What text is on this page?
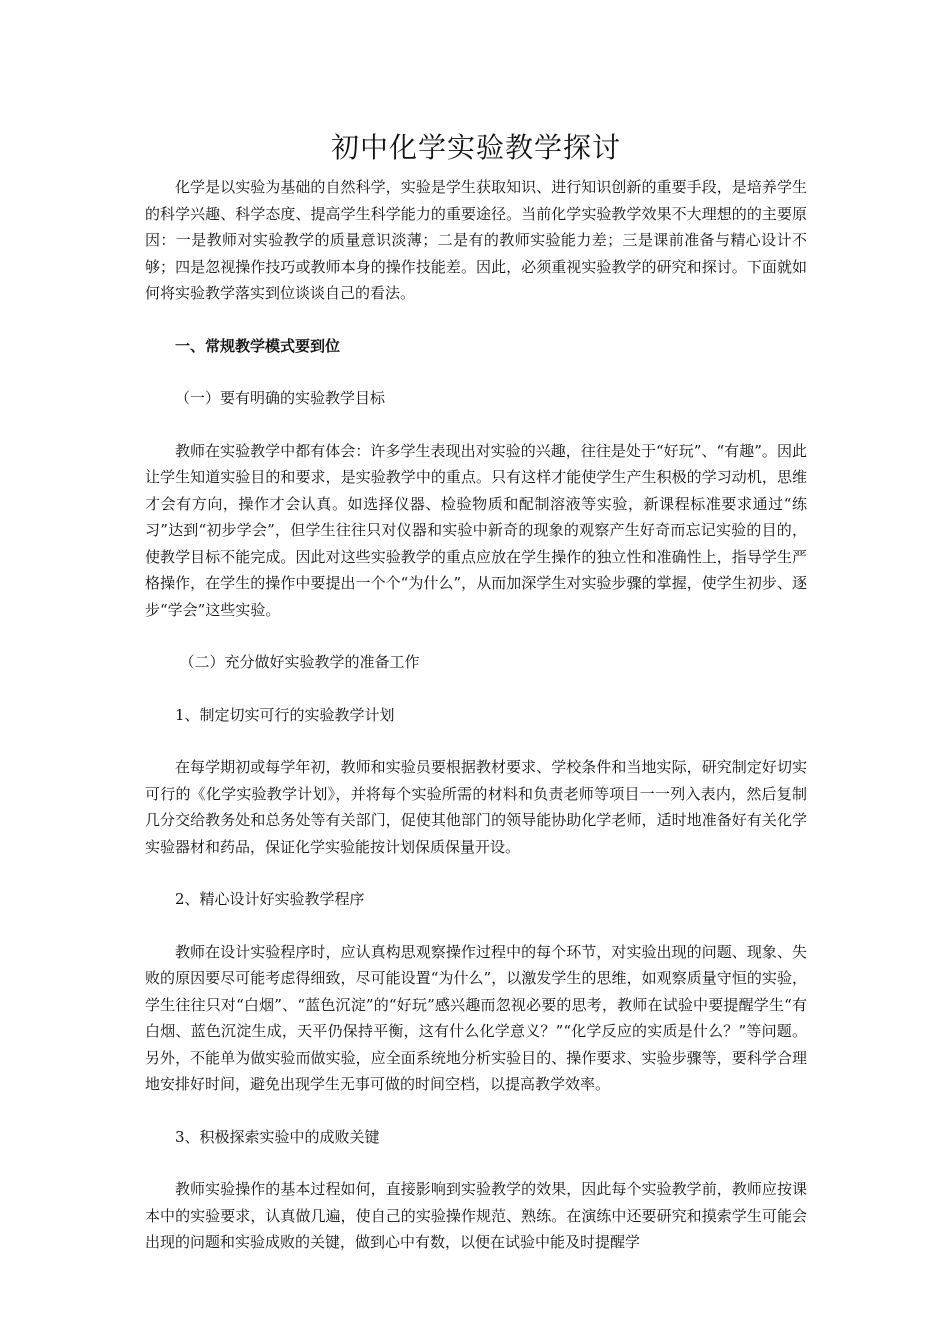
初中化学实验教学探讨

化学是以实验为基础的自然科学，实验是学生获取知识、进行知识创新的重要手段，是培养学生的科学兴趣、科学态度、提高学生科学能力的重要途径。当前化学实验教学效果不大理想的的主要原因：一是教师对实验教学的质量意识淡薄；二是有的教师实验能力差；三是课前准备与精心设计不够；四是忽视操作技巧或教师本身的操作技能差。因此，必须重视实验教学的研究和探讨。下面就如何将实验教学落实到位谈谈自己的看法。

一、常规教学模式要到位

（一）要有明确的实验教学目标

教师在实验教学中都有体会：许多学生表现出对实验的兴趣，往往是处于“好玩”、“有趣”。因此让学生知道实验目的和要求，是实验教学中的重点。只有这样才能使学生产生积极的学习动机，思维才会有方向，操作才会认真。如选择仪器、检验物质和配制溶液等实验，新课程标准要求通过“练习”达到“初步学会”，但学生往往只对仪器和实验中新奇的现象的观察产生好奇而忘记实验的目的，使教学目标不能完成。因此对这些实验教学的重点应放在学生操作的独立性和准确性上，指导学生严格操作，在学生的操作中要提出一个个“为什么”，从而加深学生对实验步骤的掌握，使学生初步、逐步“学会”这些实验。

（二）充分做好实验教学的准备工作

1、制定切实可行的实验教学计划

在每学期初或每学年初，教师和实验员要根据教材要求、学校条件和当地实际，研究制定好切实可行的《化学实验教学计划》，并将每个实验所需的材料和负责老师等项目一一列入表内，然后复制几分交给教务处和总务处等有关部门，促使其他部门的领导能协助化学老师，适时地准备好有关化学实验器材和药品，保证化学实验能按计划保质保量开设。

2、精心设计好实验教学程序

教师在设计实验程序时，应认真构思观察操作过程中的每个环节，对实验出现的问题、现象、失败的原因要尽可能考虑得细致，尽可能设置“为什么”，以激发学生的思维，如观察质量守恒的实验，学生往往只对“白烟”、“蓝色沉淀”的“好玩”感兴趣而忽视必要的思考，教师在试验中要提醒学生“有白烟、蓝色沉淀生成，天平仍保持平衡，这有什么化学意义？”“化学反应的实质是什么？”等问题。另外，不能单为做实验而做实验，应全面系统地分析实验目的、操作要求、实验步骤等，要科学合理地安排好时间，避免出现学生无事可做的时间空档，以提高教学效率。

3、积极探索实验中的成败关键

教师实验操作的基本过程如何，直接影响到实验教学的效果，因此每个实验教学前，教师应按课本中的实验要求，认真做几遍，使自己的实验操作规范、熟练。在演练中还要研究和摸索学生可能会出现的问题和实验成败的关键，做到心中有数，以便在试验中能及时提醒学
